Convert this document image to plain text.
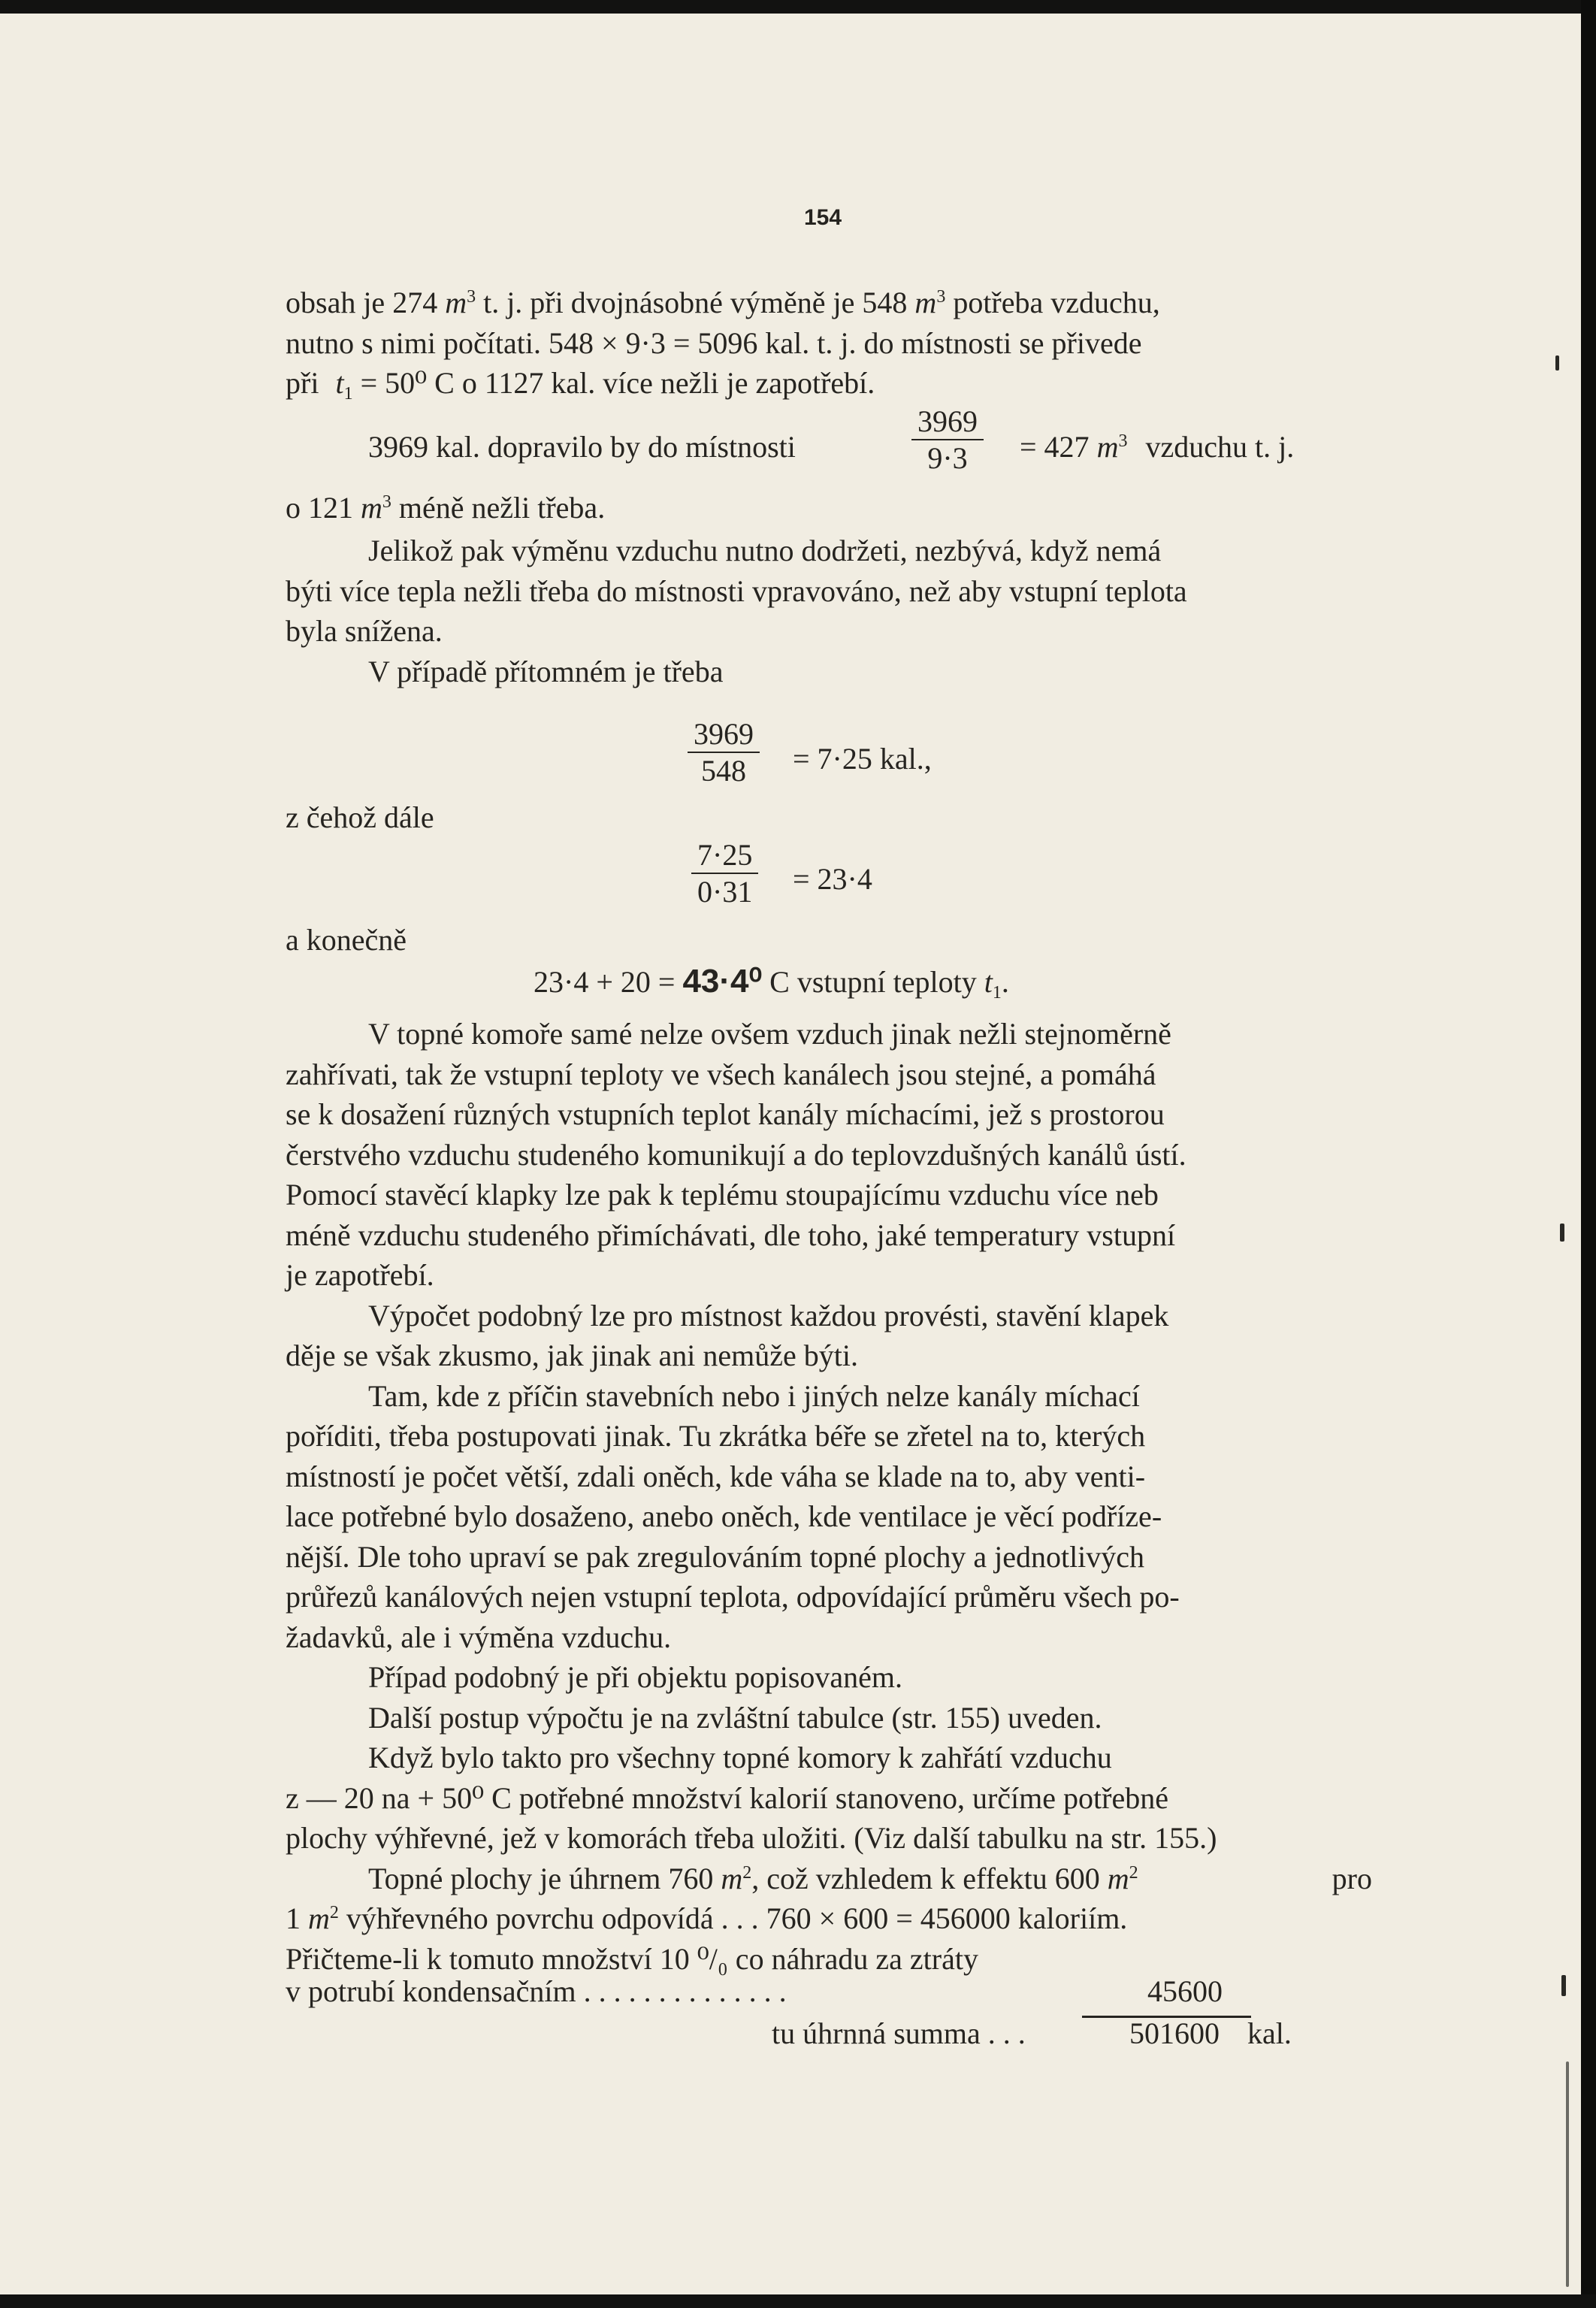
154
obsah je 274 $m^3$ t. j. při dvojnásobné výměně je 548 $m^3$ potřeba vzduchu,
nutno s nimi počítati. 548 × 9·3 = 5096 kal. t. j. do místnosti se přivede
při $t_1 = 50^0$ C o 1127 kal. více nežli je zapotřebí.
3969 kal. dopravilo by do místnosti	$\frac{3969}{9\cdot 3} = 427$ $m^3$ vzduchu t. j.
o 121 $m^3$ méně nežli třeba.
Jelikož pak výměnu vzduchu nutno dodržeti, nezbývá, když nemá
býti více tepla nežli třeba do místnosti vpravováno, než aby vstupní teplota
byla snížena.
V případě přítomném je třeba
$\frac{3969}{548} = 7\cdot 25$ kal.,
z čehož dále
$\frac{7\cdot 25}{0\cdot 31} = 23\cdot 4$
a konečně
23·4 + 20 = 43·4⁰ C vstupní teploty $t_1$.
V topné komoře samé nelze ovšem vzduch jinak nežli stejnoměrně
zahřívati, tak že vstupní teploty ve všech kanálech jsou stejné, a pomáhá
se k dosažení různých vstupních teplot kanály míchacími, jež s prostorou
čerstvého vzduchu studeného komunikují a do teplovzdušných kanálů ústí.
Pomocí stavěcí klapky lze pak k teplému stoupajícímu vzduchu více neb
méně vzduchu studeného přimíchávati, dle toho, jaké temperatury vstupní
je zapotřebí.
Výpočet podobný lze pro místnost každou provésti, stavění klapek
děje se však zkusmo, jak jinak ani nemůže býti.
Tam, kde z příčin stavebních nebo i jiných nelze kanály míchací
poříditi, třeba postupovati jinak. Tu zkrátka béře se zřetel na to, kterých
místností je počet větší, zdali oněch, kde váha se klade na to, aby venti-
lace potřebné bylo dosaženo, anebo oněch, kde ventilace je věcí podříze-
nější. Dle toho upraví se pak zregulováním topné plochy a jednotlivých
průřezů kanálových nejen vstupní teplota, odpovídající průměru všech po-
žadavků, ale i výměna vzduchu.
Případ podobný je při objektu popisovaném.
Další postup výpočtu je na zvláštní tabulce (str. 155) uveden.
Když bylo takto pro všechny topné komory k zahřátí vzduchu
z — 20 na + 50⁰ C potřebné množství kalorií stanoveno, určíme potřebné
plochy výhřevné, jež v komorách třeba uložiti. (Viz další tabulku na str. 155.)
Topné plochy je úhrnem 760 $m^2$, což vzhledem k effektu 600 $m^2$	pro
1 $m^2$ výhřevného povrchu odpovídá . . . 760 × 600 = 456000 kaloriím.
Přičteme-li k tomuto množství 10 ⁰/₀ co náhradu za ztráty
v potrubí kondensačním . . . . . . . . . . . . . .	45600
tu úhrnná summa . . .	501600 kal.
